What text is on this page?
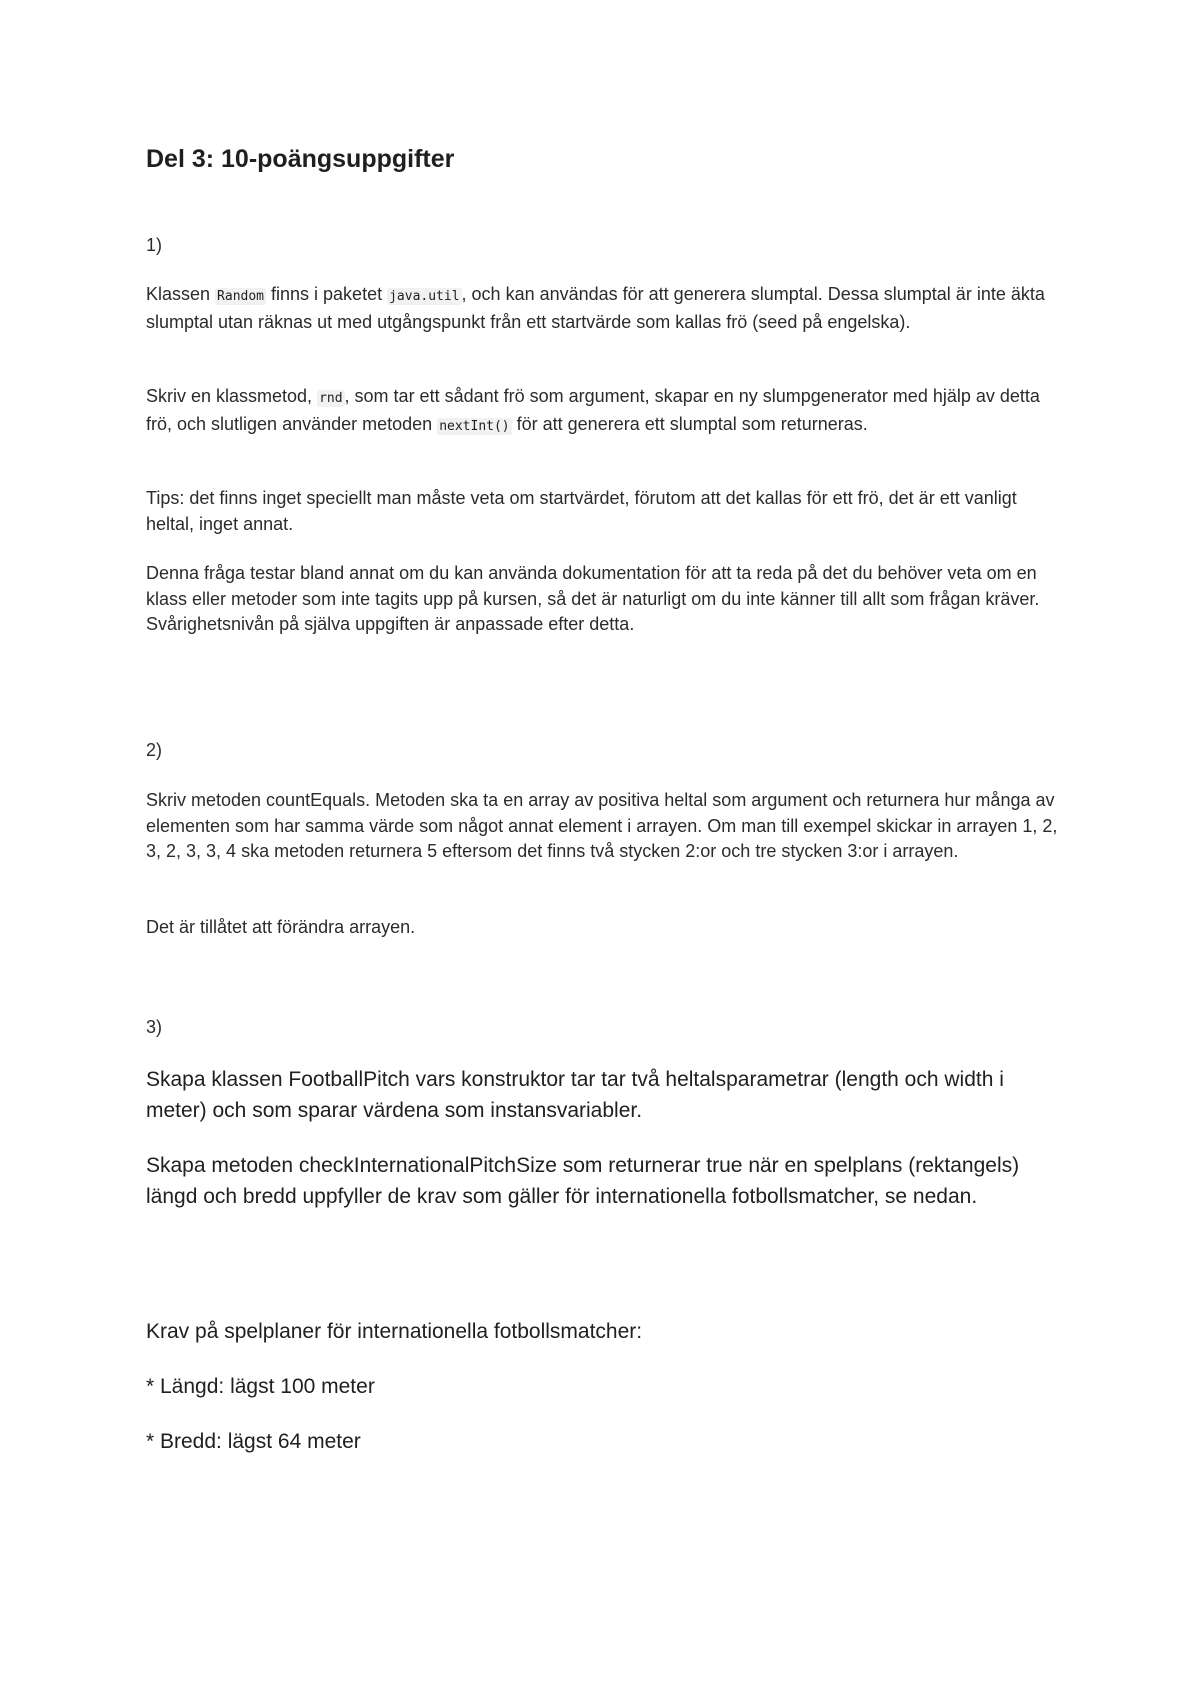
Del 3: 10-poängsuppgifter
1)

Klassen Random finns i paketet java.util , och kan användas för att generera slumptal. Dessa slumptal är inte äkta slumptal utan räknas ut med utgångspunkt från ett startvärde som kallas frö (seed på engelska).

Skriv en klassmetod, rnd , som tar ett sådant frö som argument, skapar en ny slumpgenerator med hjälp av detta frö, och slutligen använder metoden nextInt() för att generera ett slumptal som returneras.

Tips: det finns inget speciellt man måste veta om startvärdet, förutom att det kallas för ett frö, det är ett vanligt heltal, inget annat.

Denna fråga testar bland annat om du kan använda dokumentation för att ta reda på det du behöver veta om en klass eller metoder som inte tagits upp på kursen, så det är naturligt om du inte känner till allt som frågan kräver. Svårighetsnivån på själva uppgiften är anpassade efter detta.

2)

Skriv metoden countEquals. Metoden ska ta en array av positiva heltal som argument och returnera hur många av elementen som har samma värde som något annat element i arrayen. Om man till exempel skickar in arrayen 1, 2, 3, 2, 3, 3, 4 ska metoden returnera 5 eftersom det finns två stycken 2:or och tre stycken 3:or i arrayen.

Det är tillåtet att förändra arrayen.

3)

Skapa klassen FootballPitch vars konstruktor tar tar två heltalsparametrar (length och width i meter) och som sparar värdena som instansvariabler.

Skapa metoden checkInternationalPitchSize som returnerar true när en spelplans (rektangels) längd och bredd uppfyller de krav som gäller för internationella fotbollsmatcher, se nedan.

Krav på spelplaner för internationella fotbollsmatcher:

* Längd: lägst 100 meter

* Bredd: lägst 64 meter
